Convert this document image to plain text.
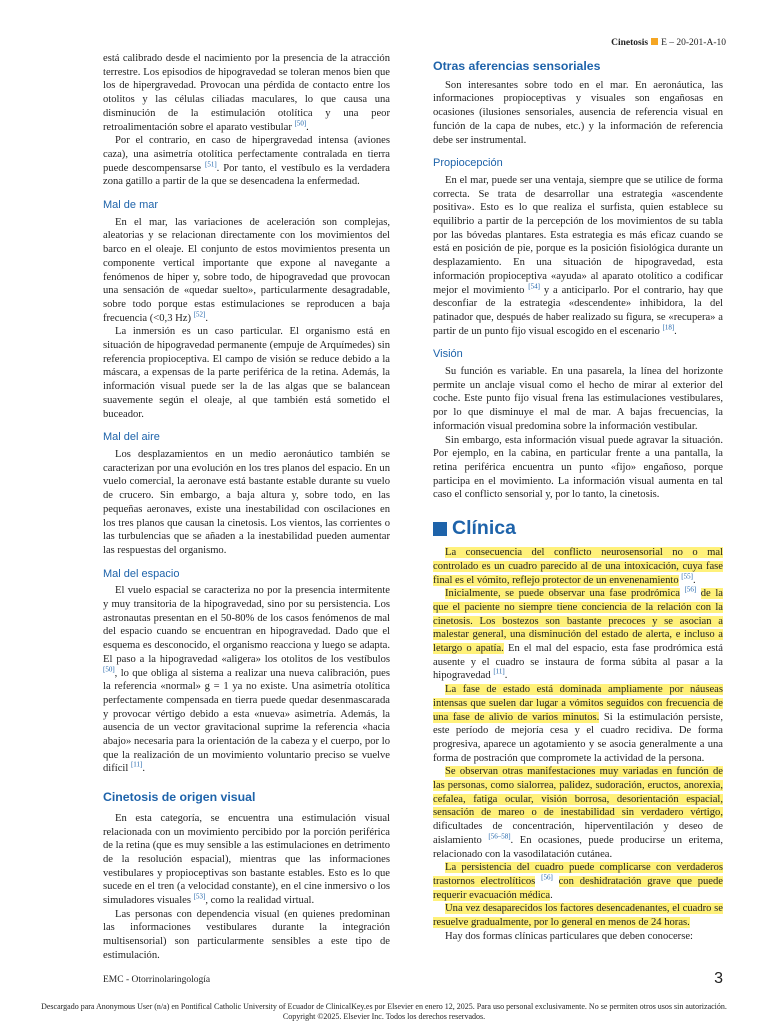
Cinetosis E – 20-201-A-10

está calibrado desde el nacimiento por la presencia de la atracción terrestre. Los episodios de hipogravedad se toleran menos bien que los de hipergravedad. Provocan una pérdida de contacto entre los otolitos y las células ciliadas maculares, lo que causa una disminución de la estimulación otolítica y una peor retroalimentación sobre el aparato vestibular [50].

Por el contrario, en caso de hipergravedad intensa (aviones caza), una asimetría otolítica perfectamente contralada en tierra puede descompensarse [51]. Por tanto, el vestíbulo es la verdadera zona gatillo a partir de la que se desencadena la enfermedad.

Mal de mar

En el mar, las variaciones de aceleración son complejas, aleatorias y se relacionan directamente con los movimientos del barco en el oleaje. El conjunto de estos movimientos presenta un componente vertical importante que expone al navegante a fenómenos de hiper y, sobre todo, de hipogravedad que provocan una sensación de «quedar suelto», particularmente desagradable, sobre todo porque estas estimulaciones se reproducen a baja frecuencia (<0,3 Hz) [52].

La inmersión es un caso particular. El organismo está en situación de hipogravedad permanente (empuje de Arquímedes) sin referencia propioceptiva. El campo de visión se reduce debido a la máscara, a expensas de la parte periférica de la retina. Además, la información visual puede ser la de las algas que se balancean suavemente según el oleaje, al que también está sometido el buceador.

Mal del aire

Los desplazamientos en un medio aeronáutico también se caracterizan por una evolución en los tres planos del espacio. En un vuelo comercial, la aeronave está bastante estable durante su vuelo de crucero. Sin embargo, a baja altura y, sobre todo, en las pequeñas aeronaves, existe una inestabilidad con oscilaciones en los tres planos que causan la cinetosis. Los vientos, las corrientes o las turbulencias que se añaden a la inestabilidad pueden aumentar las respuestas del organismo.

Mal del espacio

El vuelo espacial se caracteriza no por la presencia intermitente y muy transitoria de la hipogravedad, sino por su persistencia. Los astronautas presentan en el 50-80% de los casos fenómenos de mal del espacio cuando se encuentran en hipogravedad. Dado que el esquema es desconocido, el organismo reacciona y luego se adapta. El paso a la hipogravedad «aligera» los otolitos de los vestíbulos [50], lo que obliga al sistema a realizar una nueva calibración, pues la referencia «normal» g = 1 ya no existe. Una asimetría otolítica perfectamente compensada en tierra puede quedar desenmascarada y provocar vértigo debido a esta «nueva» asimetría. Además, la ausencia de un vector gravitacional suprime la referencia «hacia abajo» necesaria para la orientación de la cabeza y el cuerpo, por lo que la realización de un movimiento voluntario preciso se vuelve difícil [11].

Cinetosis de origen visual

En esta categoría, se encuentra una estimulación visual relacionada con un movimiento percibido por la porción periférica de la retina (que es muy sensible a las estimulaciones en detrimento de la resolución espacial), mientras que las informaciones vestibulares y propioceptivas son bastante estables. Esto es lo que sucede en el tren (a velocidad constante), en el cine inmersivo o los simuladores visuales [53], como la realidad virtual.

Las personas con dependencia visual (en quienes predominan las informaciones vestibulares durante la integración multisensorial) son particularmente sensibles a este tipo de estimulación.

Otras aferencias sensoriales

Son interesantes sobre todo en el mar. En aeronáutica, las informaciones propioceptivas y visuales son engañosas en ocasiones (ilusiones sensoriales, ausencia de referencia visual en función de la capa de nubes, etc.) y la información de referencia debe ser instrumental.

Propiocepción

En el mar, puede ser una ventaja, siempre que se utilice de forma correcta. Se trata de desarrollar una estrategia «ascendente positiva». Esto es lo que realiza el surfista, quien establece su equilibrio a partir de la percepción de los movimientos de su tabla por las bóvedas plantares. Esta estrategia es más eficaz cuando se está en posición de pie, porque es la posición fisiológica durante un desplazamiento. En una situación de hipogravedad, esta información propioceptiva «ayuda» al aparato otolítico a codificar mejor el movimiento [54] y a anticiparlo. Por el contrario, hay que desconfiar de la estrategia «descendente» inhibidora, la del patinador que, después de haber realizado su figura, se «recupera» a partir de un punto fijo visual escogido en el escenario [18].

Visión

Su función es variable. En una pasarela, la línea del horizonte permite un anclaje visual como el hecho de mirar al exterior del coche. Este punto fijo visual frena las estimulaciones vestibulares, por lo que disminuye el mal de mar. A bajas frecuencias, la información visual predomina sobre la información vestibular.

Sin embargo, esta información visual puede agravar la situación. Por ejemplo, en la cabina, en particular frente a una pantalla, la retina periférica encuentra un punto «fijo» engañoso, porque participa en el movimiento. La información visual aumenta en tal caso el conflicto sensorial y, por lo tanto, la cinetosis.

Clínica

La consecuencia del conflicto neurosensorial no o mal controlado es un cuadro parecido al de una intoxicación, cuya fase final es el vómito, reflejo protector de un envenenamiento [55].

Inicialmente, se puede observar una fase prodrómica [56] de la que el paciente no siempre tiene conciencia de la relación con la cinetosis. Los bostezos son bastante precoces y se asocian a malestar general, una disminución del estado de alerta, e incluso a letargo o apatía. En el mal del espacio, esta fase prodrómica está ausente y el cuadro se instaura de forma súbita al pasar a la hipogravedad [11].

La fase de estado está dominada ampliamente por náuseas intensas que suelen dar lugar a vómitos seguidos con frecuencia de una fase de alivio de varios minutos. Si la estimulación persiste, este período de mejoría cesa y el cuadro recidiva. De forma progresiva, aparece un agotamiento y se asocia generalmente a una forma de postración que compromete la actividad de la persona.

Se observan otras manifestaciones muy variadas en función de las personas, como sialorrea, palidez, sudoración, eructos, anorexia, cefalea, fatiga ocular, visión borrosa, desorientación espacial, sensación de mareo o de inestabilidad sin verdadero vértigo, dificultades de concentración, hiperventilación y deseo de aislamiento [56–58]. En ocasiones, puede producirse un eritema, relacionado con la vasodilatación cutánea.

La persistencia del cuadro puede complicarse con verdaderos trastornos electrolíticos [56] con deshidratación grave que puede requerir evacuación médica.

Una vez desaparecidos los factores desencadenantes, el cuadro se resuelve gradualmente, por lo general en menos de 24 horas.

Hay dos formas clínicas particulares que deben conocerse:

EMC - Otorrinolaringología	3
Descargado para Anonymous User (n/a) en Pontifical Catholic University of Ecuador de ClinicalKey.es por Elsevier en enero 12, 2025. Para uso personal exclusivamente. No se permiten otros usos sin autorización. Copyright ©2025. Elsevier Inc. Todos los derechos reservados.
